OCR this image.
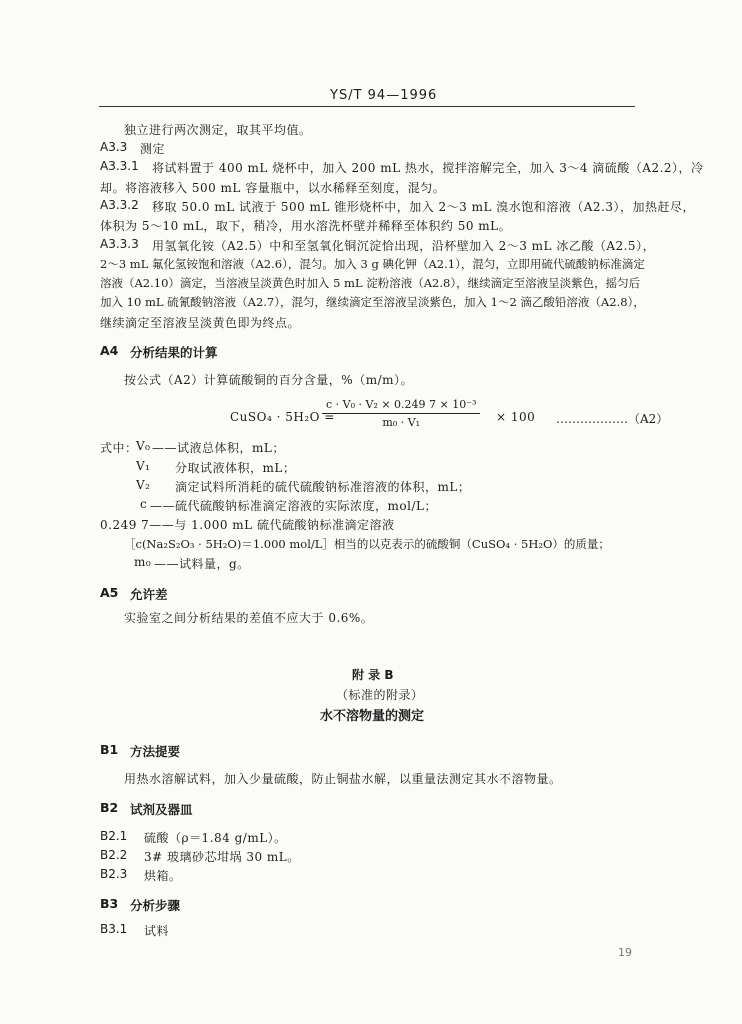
YS/T 94—1996
独立进行两次测定，取其平均值。
A3.3 测定
A3.3.1 将试料置于 400 mL 烧杯中，加入 200 mL 热水，搅拌溶解完全，加入 3～4 滴硫酸（A2.2），冷
却。将溶液移入 500 mL 容量瓶中，以水稀释至刻度，混匀。
A3.3.2 移取 50.0 mL 试液于 500 mL 锥形烧杯中，加入 2～3 mL 溴水饱和溶液（A2.3），加热赶尽，
体积为 5～10 mL，取下，稍冷，用水溶洗杯壁并稀释至体积约 50 mL。
A3.3.3 用氢氧化铵（A2.5）中和至氢氧化铜沉淀恰出现，沿杯壁加入 2～3 mL 冰乙酸（A2.5），
2～3 mL 氟化氢铵饱和溶液（A2.6），混匀。加入 3 g 碘化钾（A2.1），混匀，立即用硫代硫酸钠标准滴定
溶液（A2.10）滴定，当溶液呈淡黄色时加入 5 mL 淀粉溶液（A2.8），继续滴定至溶液呈淡紫色，摇匀后
加入 10 mL 硫氰酸钠溶液（A2.7），混匀，继续滴定至溶液呈淡紫色，加入 1～2 滴乙酸铅溶液（A2.8），
继续滴定至溶液呈淡黄色即为终点。
A4 分析结果的计算
按公式（A2）计算硫酸铜的百分含量，%（m/m）。
CuSO₄ · 5H₂O =
$\frac{\text{c · V₀ · V₂ × 0.249 7 × 10⁻³}}{\text{m₀ · V₁}} \times 100$ ………………（A2）
式中：
V₀ ——试液总体积，mL；
V₁ 分取试液体积，mL；
V₂ 滴定试料所消耗的硫代硫酸钠标准溶液的体积，mL；
c ——硫代硫酸钠标准滴定溶液的实际浓度，mol/L；
0.249 7——与 1.000 mL 硫代硫酸钠标准滴定溶液
［c(Na₂S₂O₃ · 5H₂O)＝1.000 mol/L］相当的以克表示的硫酸铜（CuSO₄ · 5H₂O）的质量；
m₀ ——试料量，g。
A5 允许差
实验室之间分析结果的差值不应大于 0.6%。
附 录 B
（标准的附录）
水不溶物量的测定
B1 方法提要
用热水溶解试料，加入少量硫酸，防止铜盐水解，以重量法测定其水不溶物量。
B2 试剂及器皿
B2.1 硫酸（ρ＝1.84 g/mL）。
B2.2 3# 玻璃砂芯坩埚 30 mL。
B2.3 烘箱。
B3 分析步骤
B3.1 试料
19
